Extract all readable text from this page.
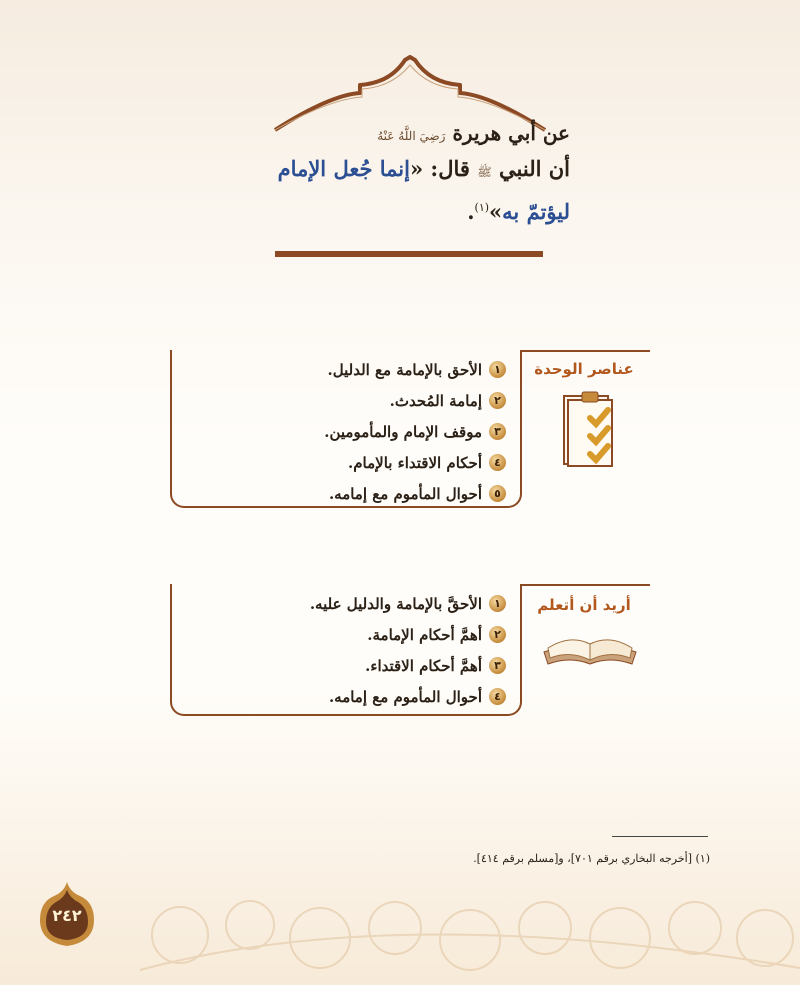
عن أبي هريرة رَضِيَ اللَّهُ عَنْهُ
أن النبي ﷺ قال: «إنما جُعل الإمام
ليؤتمّ به»$^{(١)}$.
عناصر الوحدة
١
الأحق بالإمامة مع الدليل.
٢
إمامة المُحدث.
٣
موقف الإمام والمأمومين.
٤
أحكام الاقتداء بالإمام.
٥
أحوال المأموم مع إمامه.
أريد أن أتعلم
١
الأحقَّ بالإمامة والدليل عليه.
٢
أهمَّ أحكام الإمامة.
٣
أهمَّ أحكام الاقتداء.
٤
أحوال المأموم مع إمامه.
(١) [أخرجه البخاري برقم ٧٠١]، و[مسلم برقم ٤١٤].
٢٤٢
